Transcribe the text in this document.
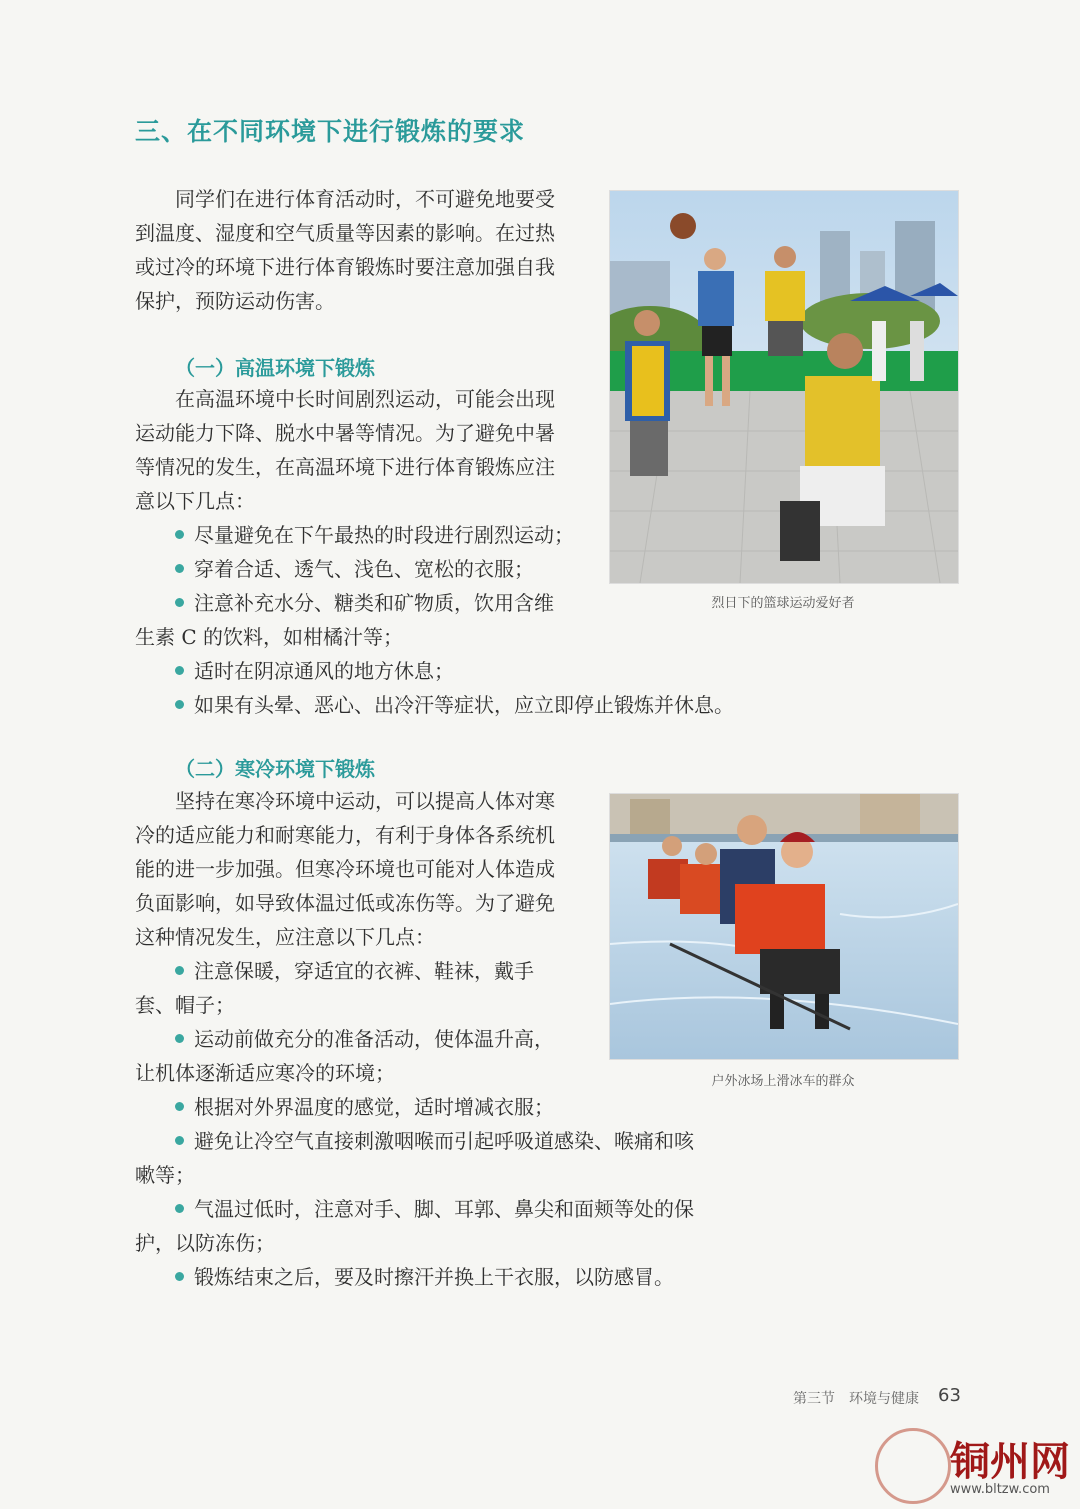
三、在不同环境下进行锻炼的要求
同学们在进行体育活动时，不可避免地要受
到温度、湿度和空气质量等因素的影响。在过热
或过冷的环境下进行体育锻炼时要注意加强自我
保护，预防运动伤害。
烈日下的篮球运动爱好者
（一）高温环境下锻炼
在高温环境中长时间剧烈运动，可能会出现
运动能力下降、脱水中暑等情况。为了避免中暑
等情况的发生，在高温环境下进行体育锻炼应注
意以下几点：
尽量避免在下午最热的时段进行剧烈运动；
穿着合适、透气、浅色、宽松的衣服；
注意补充水分、糖类和矿物质，饮用含维
生素 C 的饮料，如柑橘汁等；
适时在阴凉通风的地方休息；
如果有头晕、恶心、出冷汗等症状，应立即停止锻炼并休息。
（二）寒冷环境下锻炼
坚持在寒冷环境中运动，可以提高人体对寒
冷的适应能力和耐寒能力，有利于身体各系统机
能的进一步加强。但寒冷环境也可能对人体造成
负面影响，如导致体温过低或冻伤等。为了避免
这种情况发生，应注意以下几点：
注意保暖，穿适宜的衣裤、鞋袜，戴手
套、帽子；
运动前做充分的准备活动，使体温升高，
让机体逐渐适应寒冷的环境；
根据对外界温度的感觉，适时增减衣服；
避免让冷空气直接刺激咽喉而引起呼吸道感染、喉痛和咳
嗽等；
气温过低时，注意对手、脚、耳郭、鼻尖和面颊等处的保
护，以防冻伤；
锻炼结束之后，要及时擦汗并换上干衣服，以防感冒。
户外冰场上滑冰车的群众
第三节　环境与健康 63
铜州网
www.bltzw.com
